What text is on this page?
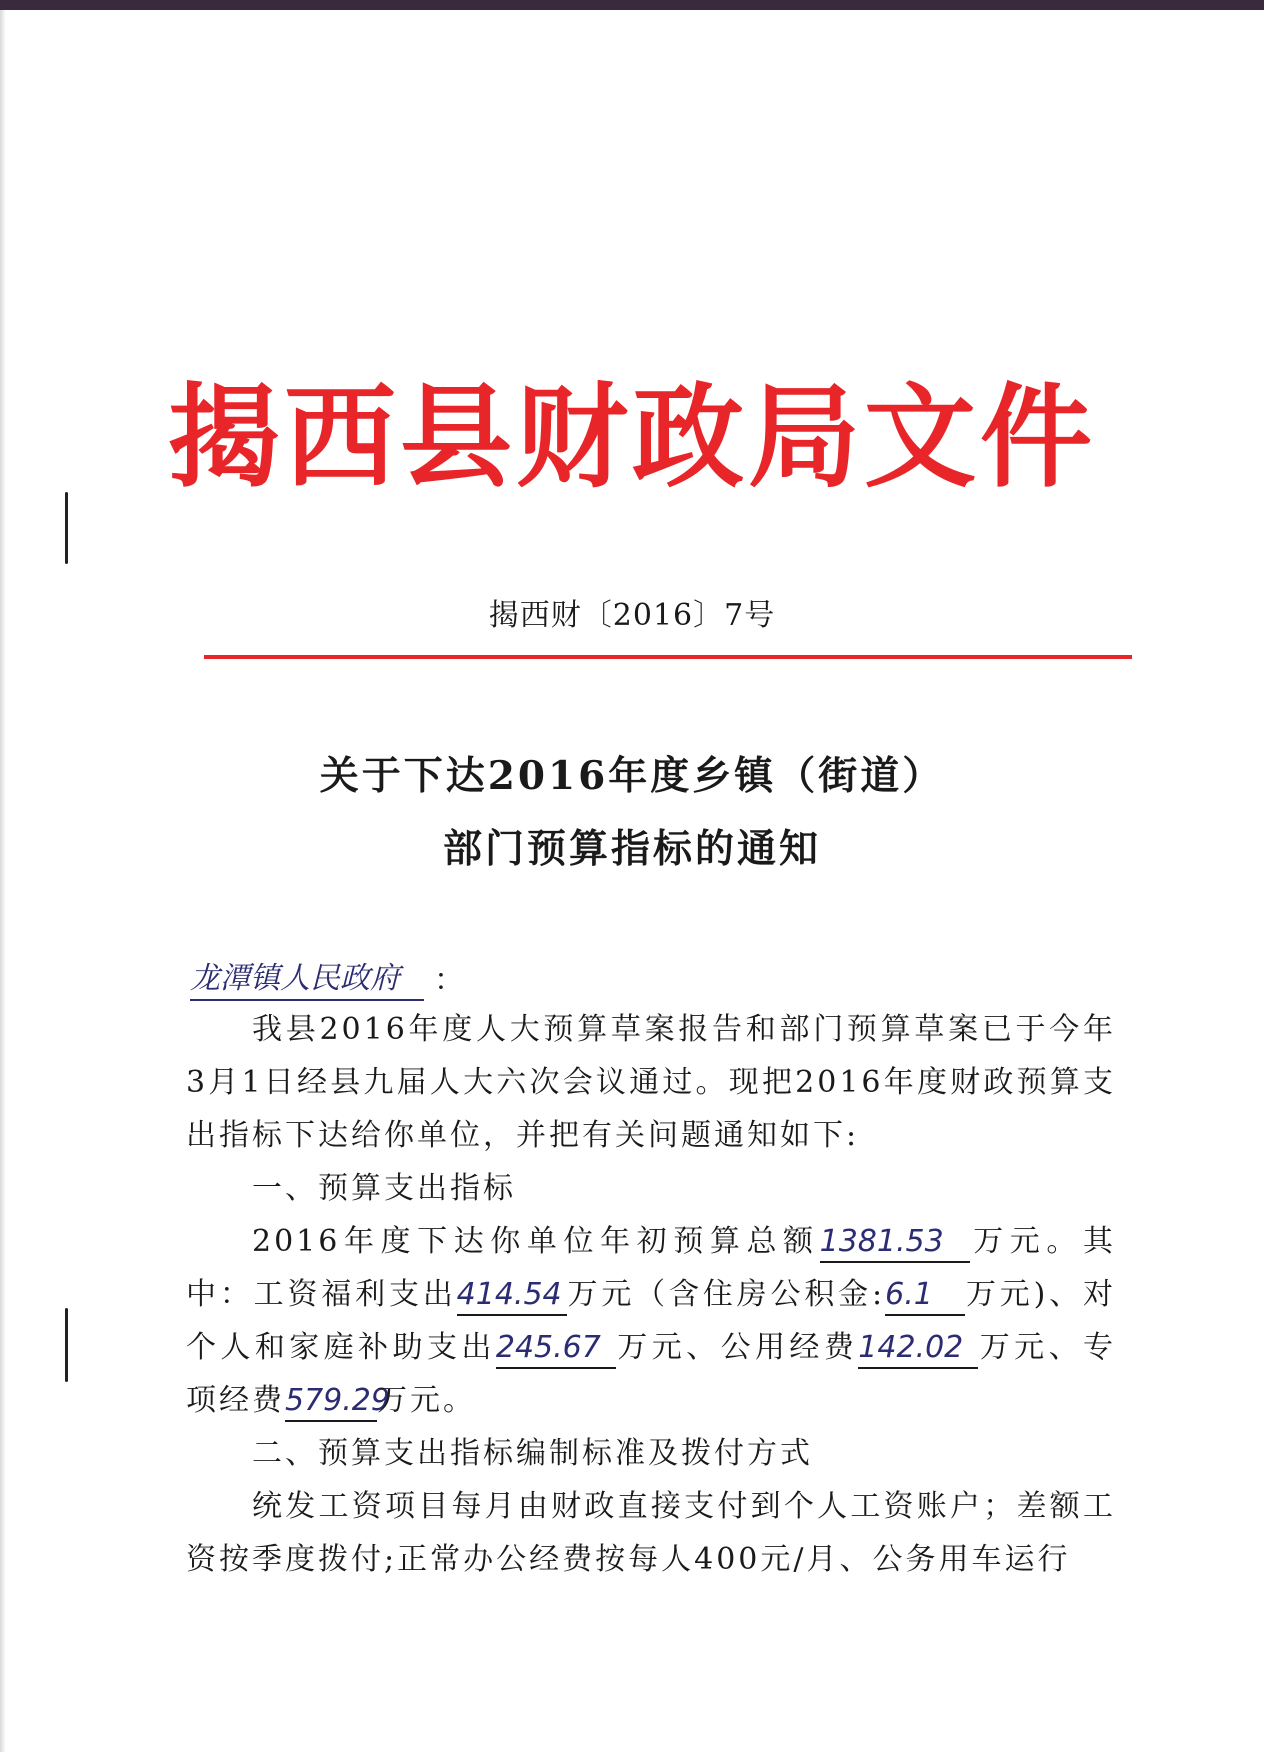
揭西县财政局文件
揭西财〔2016〕7号
关于下达2016年度乡镇（街道）
部门预算指标的通知
龙潭镇人民政府	：

我县2016年度人大预算草案报告和部门预算草案已于今年3月1日经县九届人大六次会议通过。现把2016年度财政预算支出指标下达给你单位，并把有关问题通知如下:

一、预算支出指标

2016年度下达你单位年初预算总额1381.53 万元。其中：工资福利支出414.54 万元（含住房公积金:6.1 万元)、对个人和家庭补助支出245.67 万元、公用经费142.02 万元、专项经费579.29万元。

二、预算支出指标编制标准及拨付方式

统发工资项目每月由财政直接支付到个人工资账户；差额工资按季度拨付;正常办公经费按每人400元/月、公务用车运行
